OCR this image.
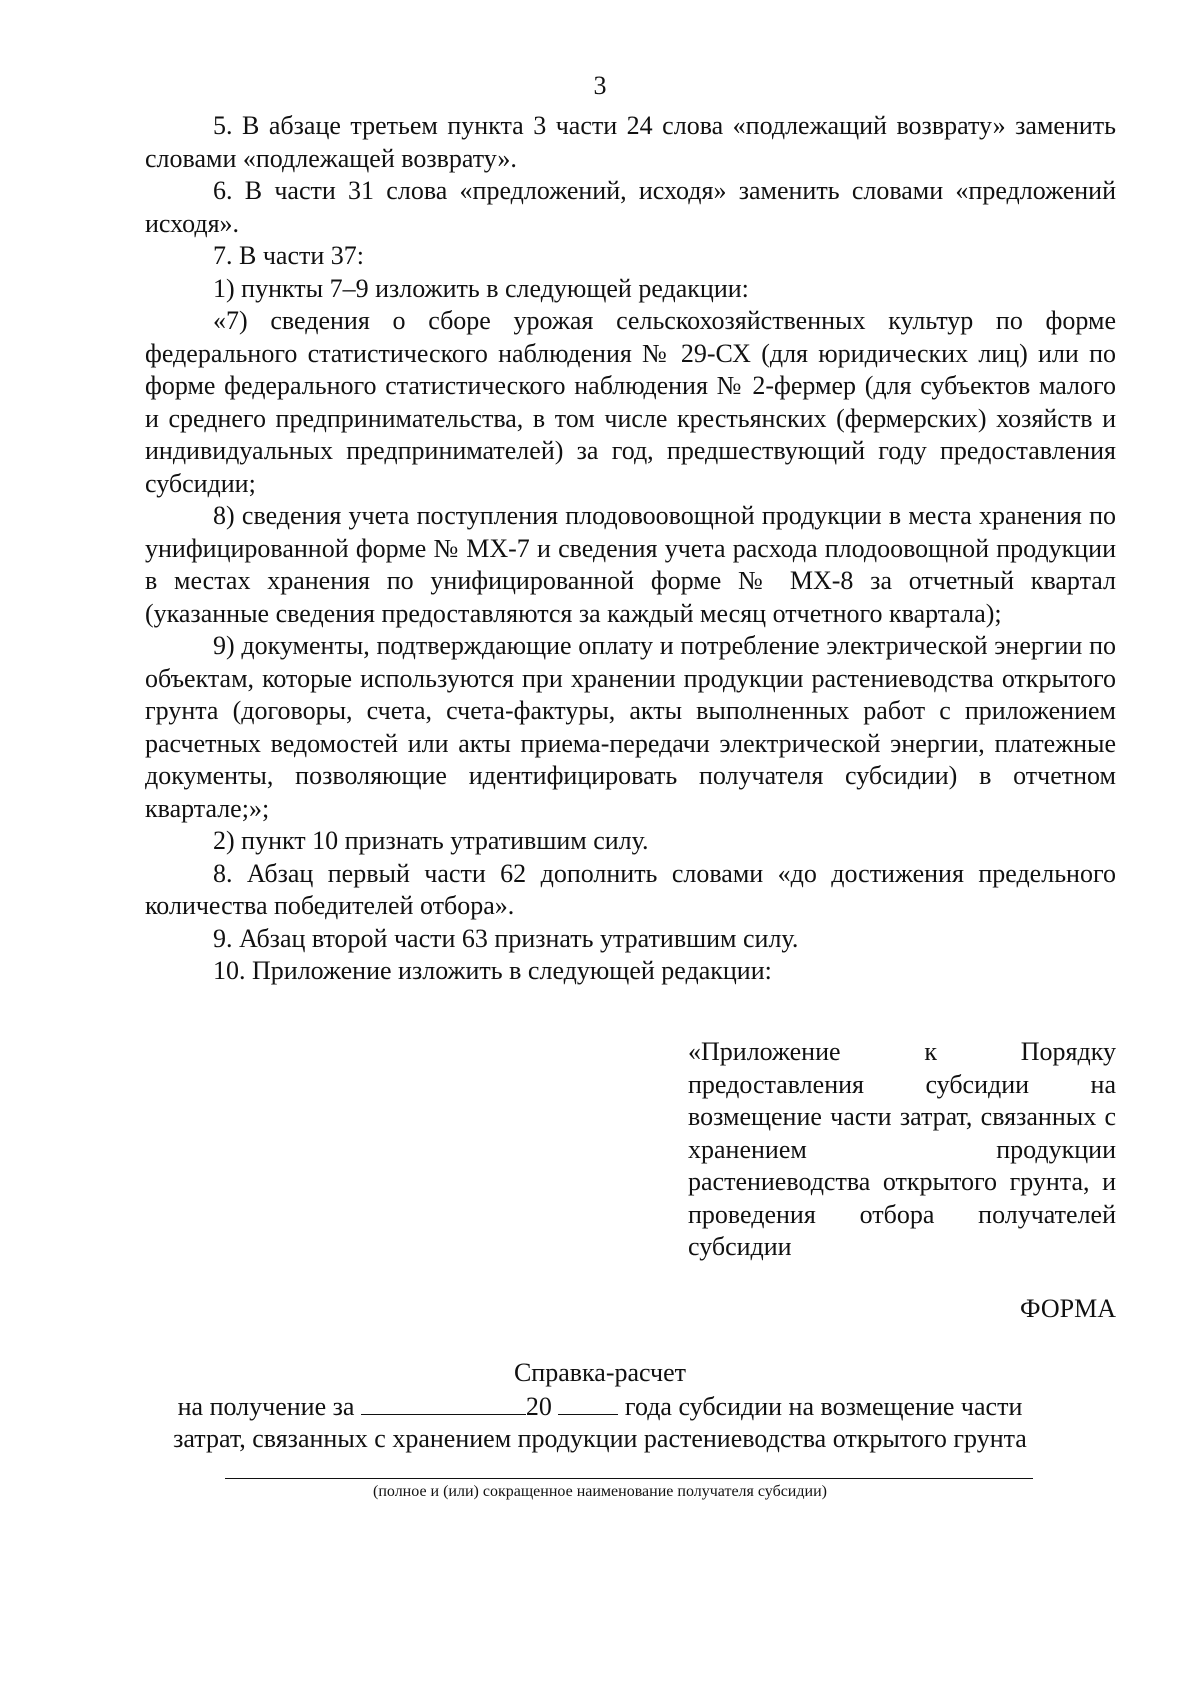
3

5. В абзаце третьем пункта 3 части 24 слова «подлежащий возврату» заменить словами «подлежащей возврату».

6. В части 31 слова «предложений, исходя» заменить словами «предложений исходя».

7. В части 37:

1) пункты 7–9 изложить в следующей редакции:

«7) сведения о сборе урожая сельскохозяйственных культур по форме федерального статистического наблюдения № 29-СХ (для юридических лиц) или по форме федерального статистического наблюдения № 2-фермер (для субъектов малого и среднего предпринимательства, в том числе крестьянских (фермерских) хозяйств и индивидуальных предпринимателей) за год, предшествующий году предоставления субсидии;

8) сведения учета поступления плодовоовощной продукции в места хранения по унифицированной форме № МХ-7 и сведения учета расхода плодоовощной продукции в местах хранения по унифицированной форме № МХ-8 за отчетный квартал (указанные сведения предоставляются за каждый месяц отчетного квартала);

9) документы, подтверждающие оплату и потребление электрической энергии по объектам, которые используются при хранении продукции растениеводства открытого грунта (договоры, счета, счета-фактуры, акты выполненных работ с приложением расчетных ведомостей или акты приема-передачи электрической энергии, платежные документы, позволяющие идентифицировать получателя субсидии) в отчетном квартале;»;

2) пункт 10 признать утратившим силу.

8. Абзац первый части 62 дополнить словами «до достижения предельного количества победителей отбора».

9. Абзац второй части 63 признать утратившим силу.

10. Приложение изложить в следующей редакции:

«Приложение	к	Порядку
предоставления субсидии на возмещение части затрат, связанных с хранением продукции растениеводства открытого грунта, и проведения отбора получателей субсидии
ФОРМА
Справка-расчет
на получение за	20	года субсидии на возмещение части
затрат, связанных с хранением продукции растениеводства открытого грунта
(полное и (или) сокращенное наименование получателя субсидии)
